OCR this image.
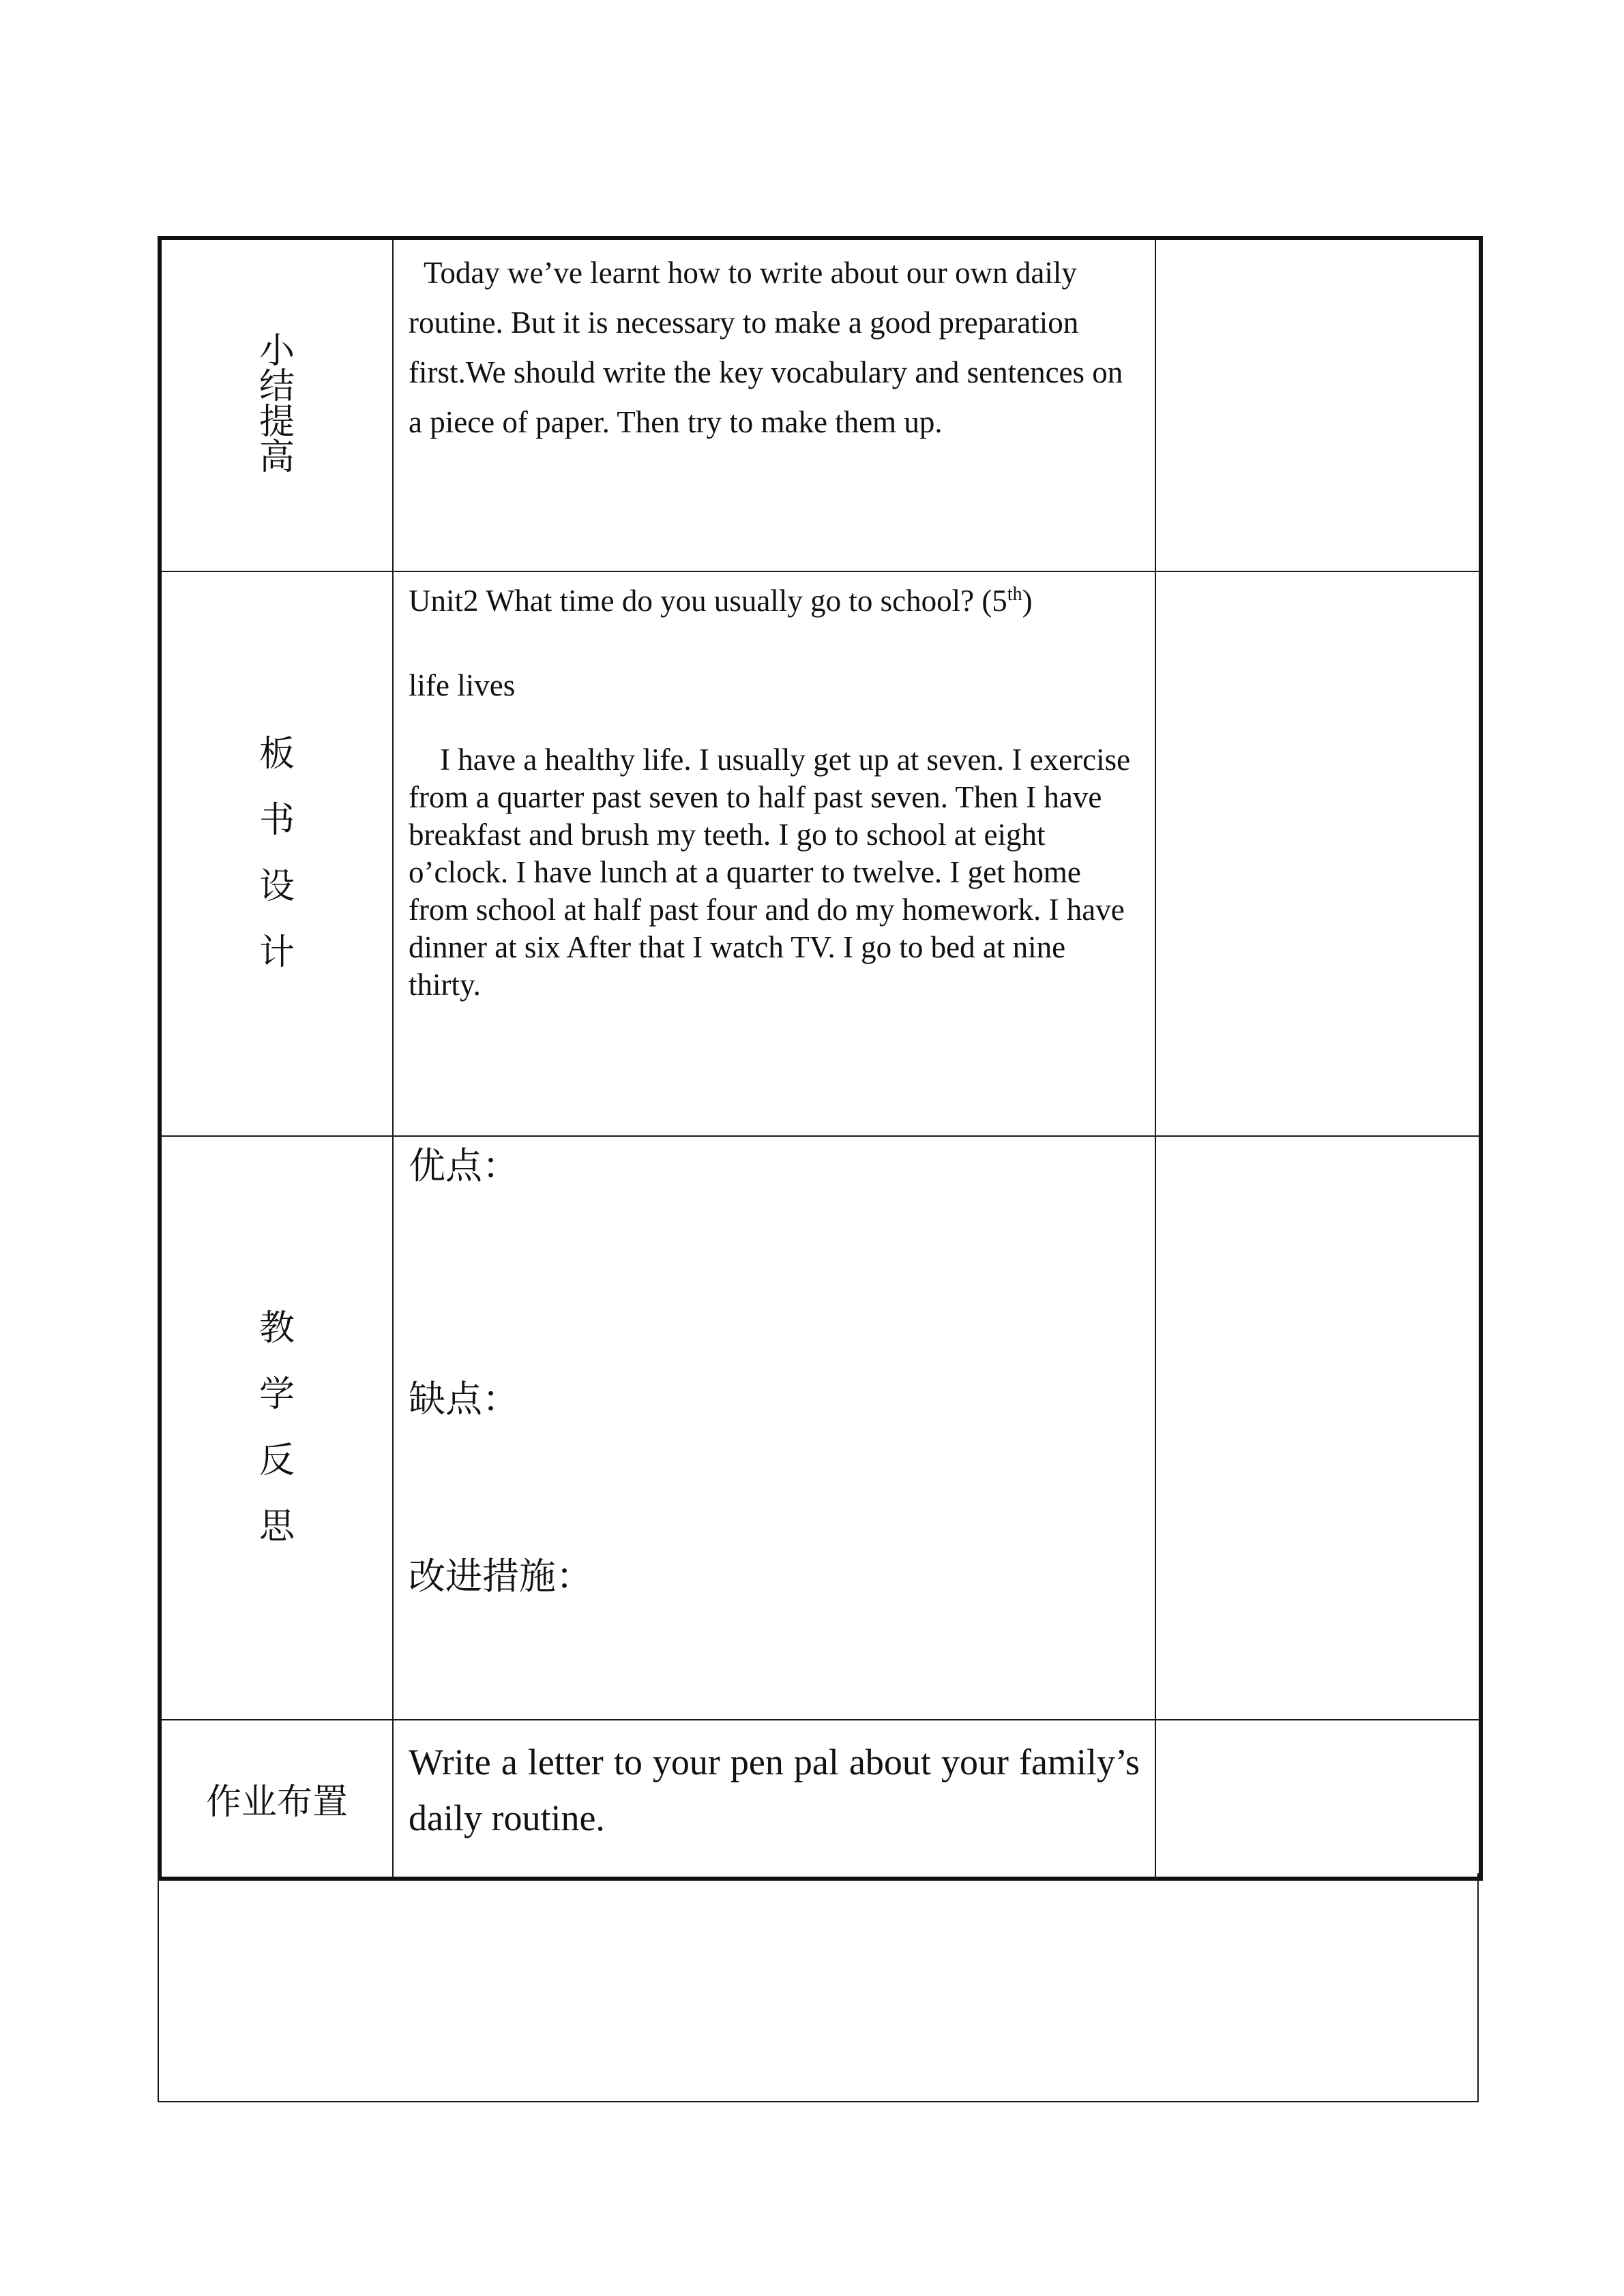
小结提高	Today we’ve learnt how to write about our own daily routine. But it is necessary to make a good preparation first.We should write the key vocabulary and sentences on a piece of paper. Then try to make them up.	

板书设计	Unit2 What time do you usually go to school? (5th)
life lives
I have a healthy life. I usually get up at seven. I exercise from a quarter past seven to half past seven. Then I have breakfast and brush my teeth. I go to school at eight o’clock. I have lunch at a quarter to twelve. I get home from school at half past four and do my homework. I have dinner at six After that I watch TV. I go to bed at nine thirty.	

教学反思	优点：
缺点：
改进措施：	

作业布置	Write a letter to your pen pal about your family’s daily routine.	
